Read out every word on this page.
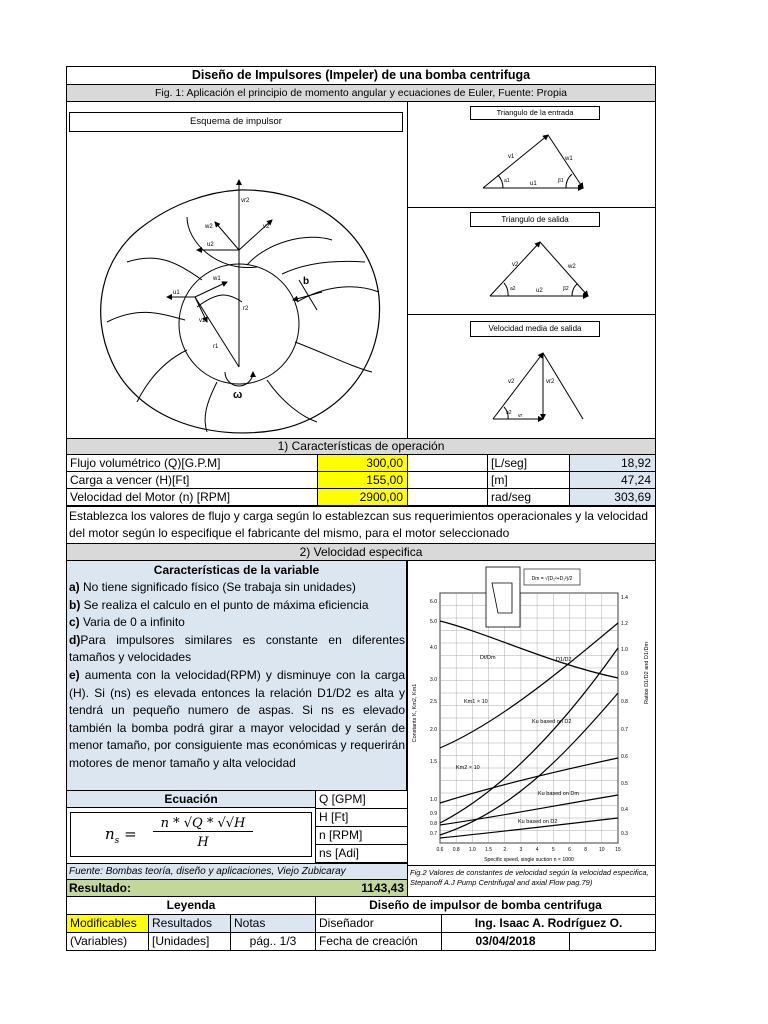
Diseño de Impulsores (Impeler) de una bomba centrifuga
Fig. 1: Aplicación el principio de momento angular y ecuaciones de Euler, Fuente: Propia
Esquema de impulsor
b
vr2
v2
w2
u2
r2
w1
u1
v1
r1
ω
Triangulo de la entrada
v1	w1
u1
a1	β1
Triangulo de salida
v2	w2
u2
a2	β2
Velocidad media de salida
v2	vr2
vr
a2
1) Características de operación
Establezca los valores de flujo y carga según lo establezcan sus requerimientos operacionales y la velocidad del motor según lo especifique el fabricante del mismo, para el motor seleccionado
2) Velocidad especifica
Características de la variable
a) No tiene significado físico (Se trabaja sin unidades)
b) Se realiza el calculo en el punto de máxima eficiencia
c) Varia de 0 a infinito
d)Para impulsores similares es constante en diferentes tamaños y velocidades
e) aumenta con la velocidad(RPM) y disminuye con la carga (H). Si (ns) es elevada entonces la relación D1/D2 es alta y tendrá un pequeño numero de aspas. Si ns es elevado también la bomba podrá girar a mayor velocidad y serán de menor tamaño, por consiguiente mas económicas y requerirán motores de menor tamaño y alta velocidad
Dm = √(D₂²+D₁²)/2
0.7
0.8
0.9
1.0
1.5
2.0
2.5
3.0
4.0
5.0
6.0
0.3
0.4
0.5
0.6
0.7
0.8
0.9
1.0
1.2
1.4
0.6 0.8 1.0 1.5 2	3	4	5	6	8 10 15
D1/D2
Dt/Dm
Km1 × 10
Ku based on D2
Km2 × 10
Ku based on Dm
Ku based on D2
Specific speed, single suction n × 1000
Constants K, Km2, Km1
Ratios D1/D2 and D1/Dm
Ecuación
$n_s$ =
n * √Q * √√H
H
Fuente: Bombas teoría, diseño y aplicaciones, Viejo Zubicaray	Fig.2 Valores de constantes de velocidad según la velocidad especifica, Stepanoff A.J Pump Centrifugal and axial Flow pag.79)
Resultado:	1143,43
Leyenda	Diseño de impulsor de bomba centrifuga
Modificables	Resultados	Notas	Diseñador	Ing. Isaac A. Rodríguez O.
(Variables)	[Unidades]	pág.. 1/3	Fecha de creación	03/04/2018
Flujo volumétrico (Q)[G.P.M]	300,00	[L/seg]	18,92
Carga a vencer (H)[Ft]	155,00	[m]	47,24
Velocidad del Motor (n) [RPM]	2900,00	rad/seg	303,69
Q [GPM]
H [Ft]
n [RPM]
ns [Adi]
